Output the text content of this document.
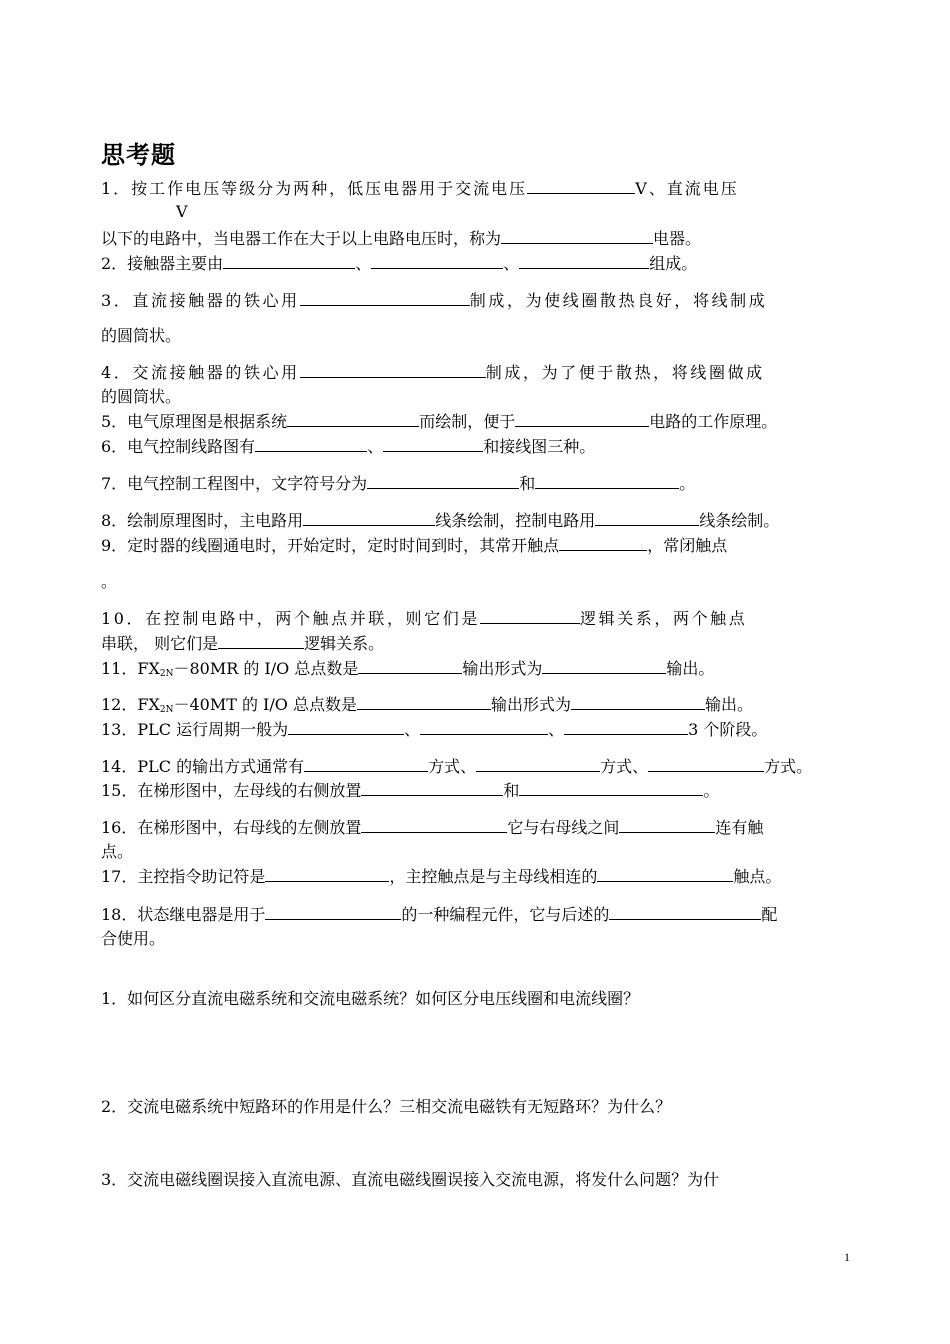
思考题
1．按工作电压等级分为两种，低压电器用于交流电压	V、直流电压
V
以下的电路中，当电器工作在大于以上电路电压时，称为	电器。
2．接触器主要由	、	、	组成。
3．直流接触器的铁心用	制成，为使线圈散热良好，将线制成
的圆筒状。
4．交流接触器的铁心用	制成，为了便于散热，将线圈做成
的圆筒状。
5．电气原理图是根据系统	而绘制，便于	电路的工作原理。
6．电气控制线路图有	、	和接线图三种。
7．电气控制工程图中，文字符号分为	和	。
8．绘制原理图时，主电路用	线条绘制，控制电路用	线条绘制。
9．定时器的线圈通电时，开始定时，定时时间到时，其常开触点	，常闭触点
。
10．在控制电路中，两个触点并联，则它们是	逻辑关系，两个触点
串联， 则它们是	逻辑关系。
11．$FX_{2N}-80MR$ 的 I/O 总点数是	输出形式为	输出。
12．$FX_{2N}-40MT$ 的 I/O 总点数是	输出形式为	输出。
13．PLC 运行周期一般为	、	、	3 个阶段。
14．PLC 的输出方式通常有	方式、	方式、	方式。
15．在梯形图中，左母线的右侧放置	和	。
16．在梯形图中，右母线的左侧放置	它与右母线之间	连有触
点。
17．主控指令助记符是	，主控触点是与主母线相连的	触点。
18．状态继电器是用于	的一种编程元件，它与后述的	配
合使用。
1．如何区分直流电磁系统和交流电磁系统？如何区分电压线圈和电流线圈？
2．交流电磁系统中短路环的作用是什么？三相交流电磁铁有无短路环？为什么？
3．交流电磁线圈误接入直流电源、直流电磁线圈误接入交流电源，将发什么问题？为什
1
